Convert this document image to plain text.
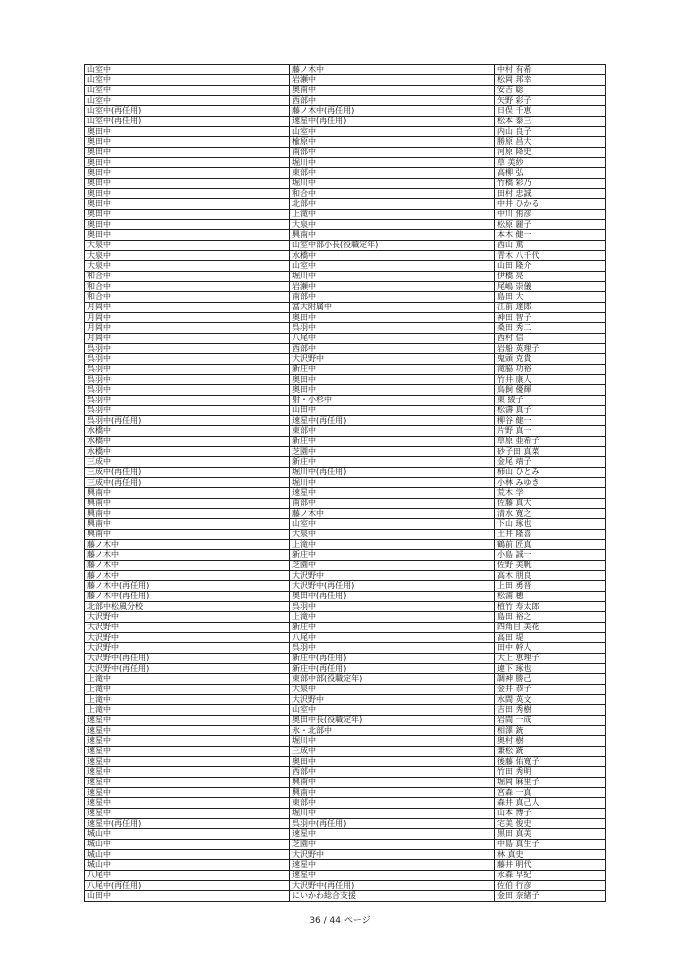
山室中	藤ノ木中	中村 有希
山室中	岩瀬中	松岡 邦幸
山室中	奥南中	安吉 聡
山室中	西部中	矢野 彩子
山室中(再任用)	藤ノ木中(再任用)	日俣 千恵
山室中(再任用)	速星中(再任用)	松本 泰三
奥田中	山室中	内山 良子
奥田中	楡原中	勝原 昌大
奥田中	南部中	河原 降史
奥田中	堀川中	草 美紗
奥田中	東部中	高柳 弘
奥田中	堀川中	竹橋 彩乃
奥田中	和合中	田村 忠誠
奥田中	北部中	中井 ひかる
奥田中	上滝中	中川 侑彦
奥田中	大泉中	松原 麗子
奥田中	興南中	本木 健一
大泉中	山室中部小長(役職定年)	西山 篤
大泉中	水橋中	青木 八千代
大泉中	山室中	山田 隆介
和合中	堀川中	伊橋 亮
和合中	岩瀬中	尾嶋 崇儀
和合中	南部中	島田 大
月岡中	富大附属中	江前 達郎
月岡中	奥田中	神田 智子
月岡中	呉羽中	桑田 秀二
月岡中	八尾中	西村 信
呉羽中	西部中	岩船 英理子
呉羽中	大沢野中	鬼頭 克貴
呉羽中	新庄中	滝脇 功裕
呉羽中	奥田中	竹井 康人
呉羽中	奥田中	鳥飼 優輝
呉羽中	射・小杉中	東 綾子
呉羽中	山田中	松濤 真子
呉羽中(再任用)	速星中(再任用)	柳谷 健一
水橋中	東部中	片野 真一
水橋中	新庄中	草原 亜希子
水橋中	芝園中	砂子田 真菜
三成中	新庄中	金尾 靖子
三成中(再任用)	堀川中(再任用)	柿山 ひとみ
三成中(再任用)	堀川中	小林 みゆき
興南中	速星中	荒木 学
興南中	南部中	佐藤 真大
興南中	藤ノ木中	清水 寛之
興南中	山室中	下山 琢也
興南中	大泉中	土井 隆喜
藤ノ木中	上滝中	鶴前 匠真
藤ノ木中	新庄中	小島 誠一
藤ノ木中	芝園中	佐野 美帆
藤ノ木中	大沢野中	高木 朋良
藤ノ木中(再任用)	大沢野中(再任用)	上田 勇晋
藤ノ木中(再任用)	奥田中(再任用)	松浦 穂
北部中松風分校	呉羽中	植竹 寿太郎
大沢野中	上滝中	島田 裕之
大沢野中	新庄中	四角目 美花
大沢野中	八尾中	高田 堤
大沢野中	呉羽中	田中 幹人
大沢野中(再任用)	新庄中(再任用)	大上 恵理子
大沢野中(再任用)	新庄中(再任用)	違下 琢也
上滝中	東部中部(役職定年)	調神 勝己
上滝中	大泉中	金井 恭子
上滝中	大沢野中	水間 英文
上滝中	山室中	吉田 秀樹
速星中	奥田中長(役職定年)	岩間 一成
速星中	氷・北部中	相澤 銃
速星中	堀川中	奥村 樹
速星中	三成中	兼松 銃
速星中	奥田中	後藤 佑寛子
速星中	西部中	竹田 秀明
速星中	興南中	堀岡 麻里子
速星中	興南中	宮森 一真
速星中	東部中	森井 真己人
速星中	堀川中	山本 博子
速星中(再任用)	呉羽中(再任用)	宅美 俊史
城山中	速星中	黒田 真美
城山中	芝園中	中島 真生子
城山中	大沢野中	林 真史
城山中	速星中	藤井 明代
八尾中	速星中	永森 早紀
八尾中(再任用)	大沢野中(再任用)	佐伯 行彦
山田中	にいかわ総合支援	金田 奈緒子
36 / 44 ページ
